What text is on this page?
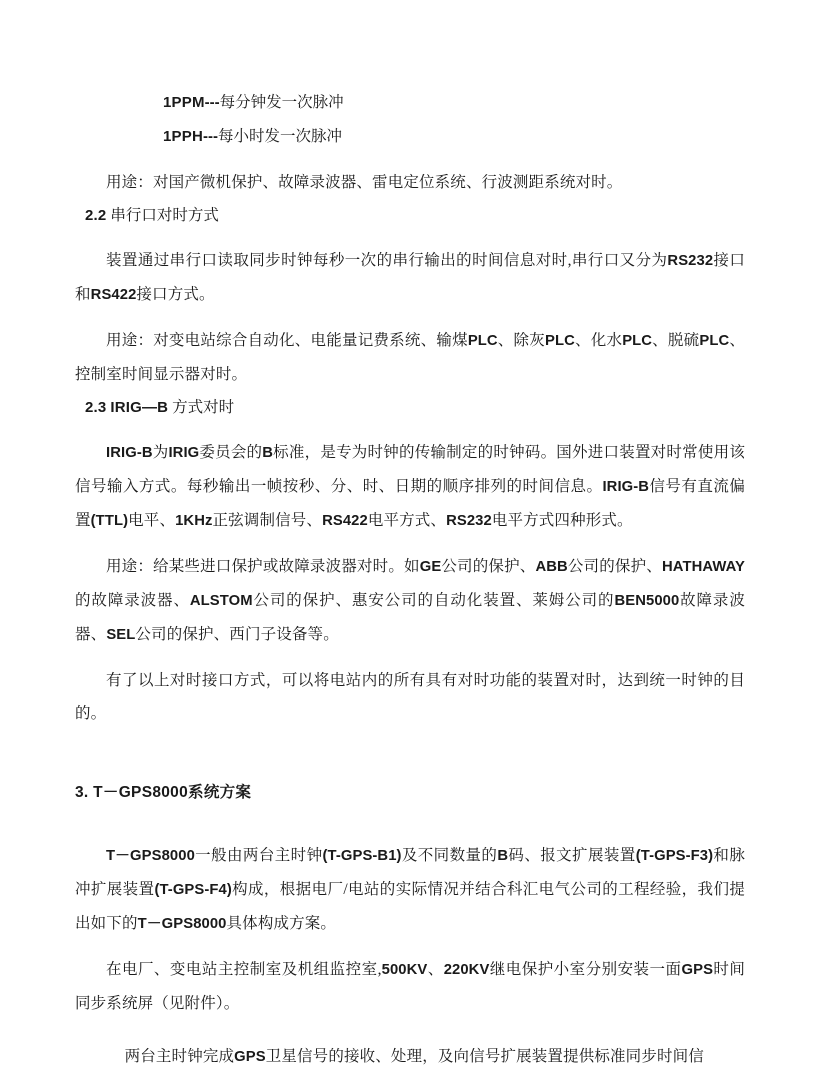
1PPM---每分钟发一次脉冲
1PPH---每小时发一次脉冲

用途：对国产微机保护、故障录波器、雷电定位系统、行波测距系统对时。

2.2 串行口对时方式

装置通过串行口读取同步时钟每秒一次的串行输出的时间信息对时,串行口又分为RS232接口和RS422接口方式。

用途：对变电站综合自动化、电能量记费系统、输煤PLC、除灰PLC、化水PLC、脱硫PLC、控制室时间显示器对时。

2.3 IRIG—B 方式对时

IRIG-B为IRIG委员会的B标准，是专为时钟的传输制定的时钟码。国外进口装置对时常使用该信号输入方式。每秒输出一帧按秒、分、时、日期的顺序排列的时间信息。IRIG-B信号有直流偏置(TTL)电平、1KHz正弦调制信号、RS422电平方式、RS232电平方式四种形式。

用途：给某些进口保护或故障录波器对时。如GE公司的保护、ABB公司的保护、HATHAWAY的故障录波器、ALSTOM公司的保护、惠安公司的自动化装置、莱姆公司的BEN5000故障录波器、SEL公司的保护、西门子设备等。

有了以上对时接口方式，可以将电站内的所有具有对时功能的装置对时，达到统一时钟的目的。

3. T－GPS8000系统方案

T－GPS8000一般由两台主时钟(T-GPS-B1)及不同数量的B码、报文扩展装置(T-GPS-F3)和脉冲扩展装置(T-GPS-F4)构成，根据电厂/电站的实际情况并结合科汇电气公司的工程经验，我们提出如下的T－GPS8000具体构成方案。

在电厂、变电站主控制室及机组监控室,500KV、220KV继电保护小室分别安装一面GPS时间同步系统屏（见附件）。

两台主时钟完成GPS卫星信号的接收、处理，及向信号扩展装置提供标准同步时间信
